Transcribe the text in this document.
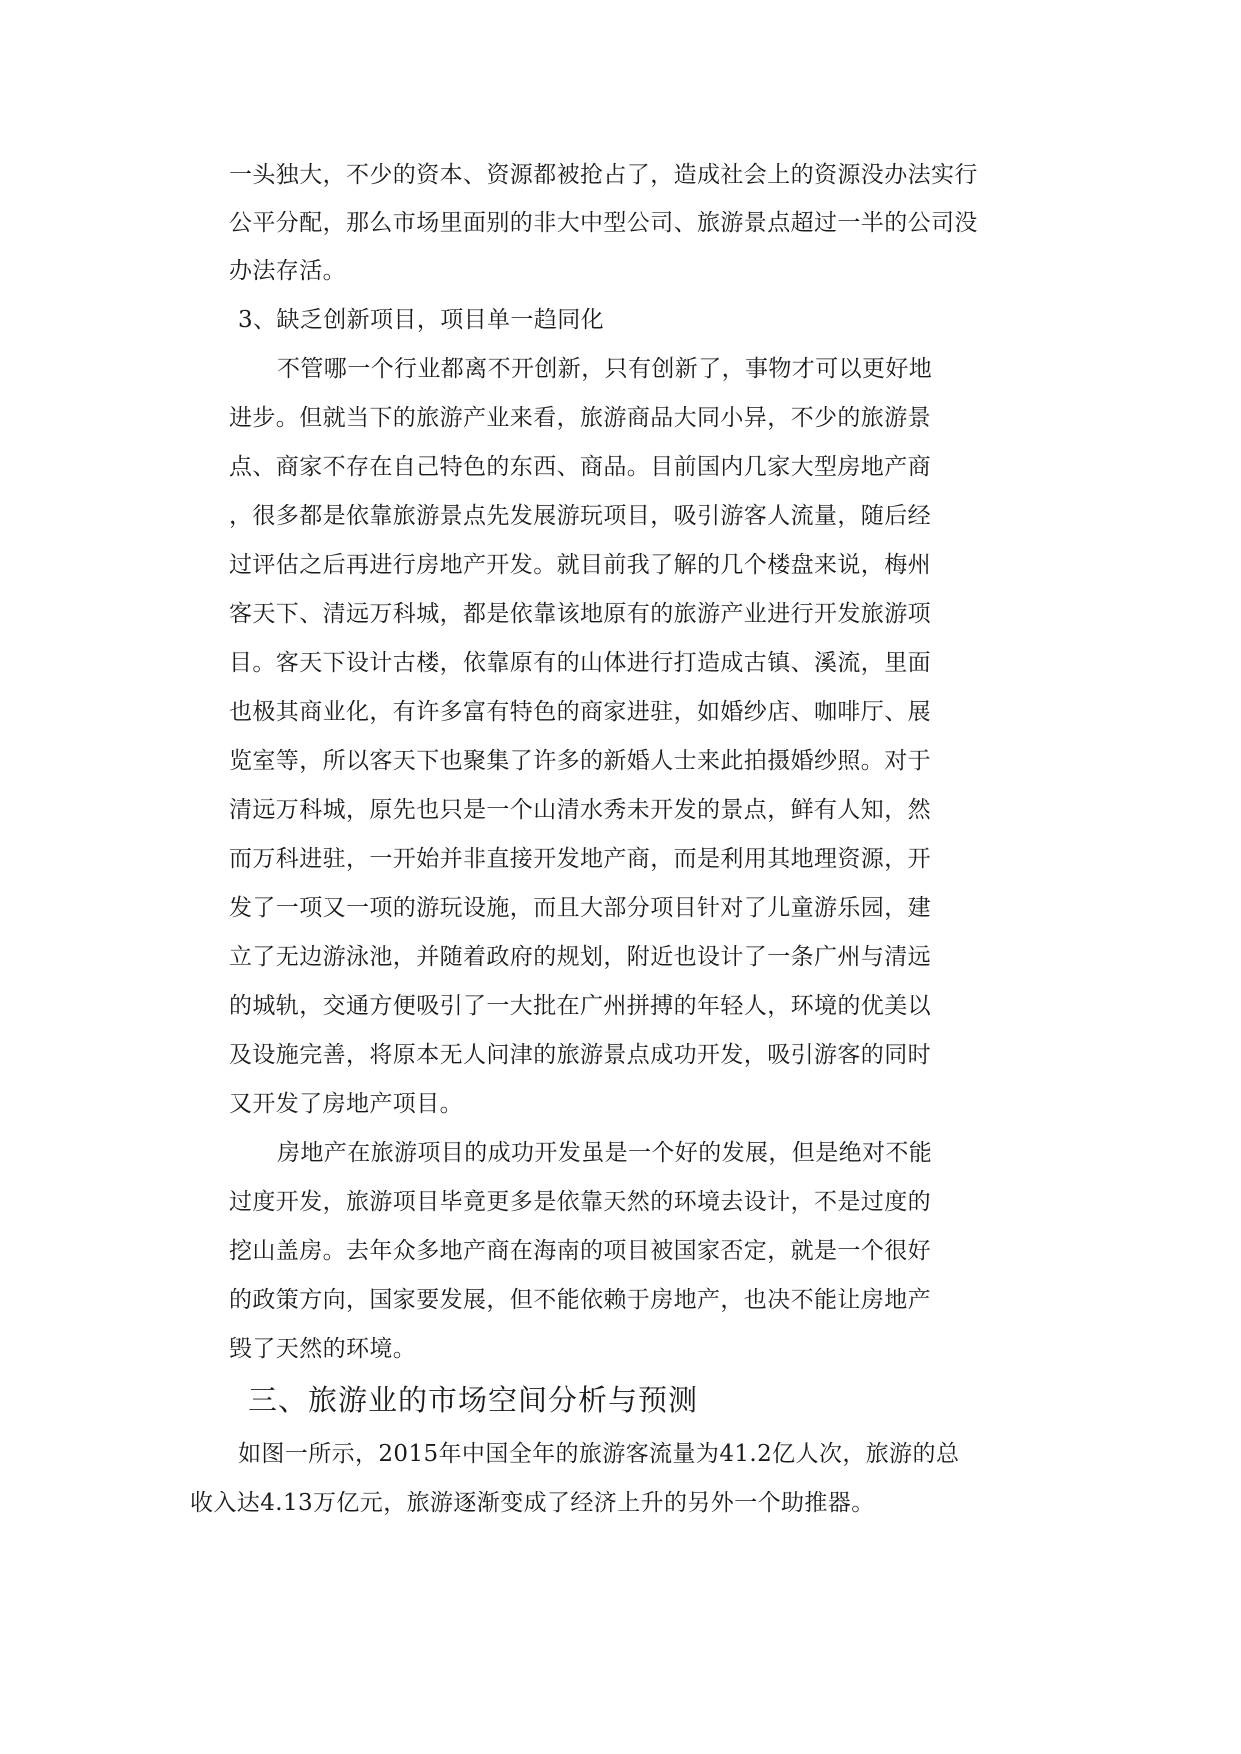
一头独大，不少的资本、资源都被抢占了，造成社会上的资源没办法实行
公平分配，那么市场里面别的非大中型公司、旅游景点超过一半的公司没
办法存活。
3、缺乏创新项目，项目单一趋同化
不管哪一个行业都离不开创新，只有创新了，事物才可以更好地
进步。但就当下的旅游产业来看，旅游商品大同小异，不少的旅游景
点、商家不存在自己特色的东西、商品。目前国内几家大型房地产商
，很多都是依靠旅游景点先发展游玩项目，吸引游客人流量，随后经
过评估之后再进行房地产开发。就目前我了解的几个楼盘来说，梅州
客天下、清远万科城，都是依靠该地原有的旅游产业进行开发旅游项
目。客天下设计古楼，依靠原有的山体进行打造成古镇、溪流，里面
也极其商业化，有许多富有特色的商家进驻，如婚纱店、咖啡厅、展
览室等，所以客天下也聚集了许多的新婚人士来此拍摄婚纱照。对于
清远万科城，原先也只是一个山清水秀未开发的景点，鲜有人知，然
而万科进驻，一开始并非直接开发地产商，而是利用其地理资源，开
发了一项又一项的游玩设施，而且大部分项目针对了儿童游乐园，建
立了无边游泳池，并随着政府的规划，附近也设计了一条广州与清远
的城轨，交通方便吸引了一大批在广州拼搏的年轻人，环境的优美以
及设施完善，将原本无人问津的旅游景点成功开发，吸引游客的同时
又开发了房地产项目。
房地产在旅游项目的成功开发虽是一个好的发展，但是绝对不能
过度开发，旅游项目毕竟更多是依靠天然的环境去设计，不是过度的
挖山盖房。去年众多地产商在海南的项目被国家否定，就是一个很好
的政策方向，国家要发展，但不能依赖于房地产，也决不能让房地产
毁了天然的环境。
三、旅游业的市场空间分析与预测
如图一所示，2015年中国全年的旅游客流量为41.2亿人次，旅游的总
收入达4.13万亿元，旅游逐渐变成了经济上升的另外一个助推器。
